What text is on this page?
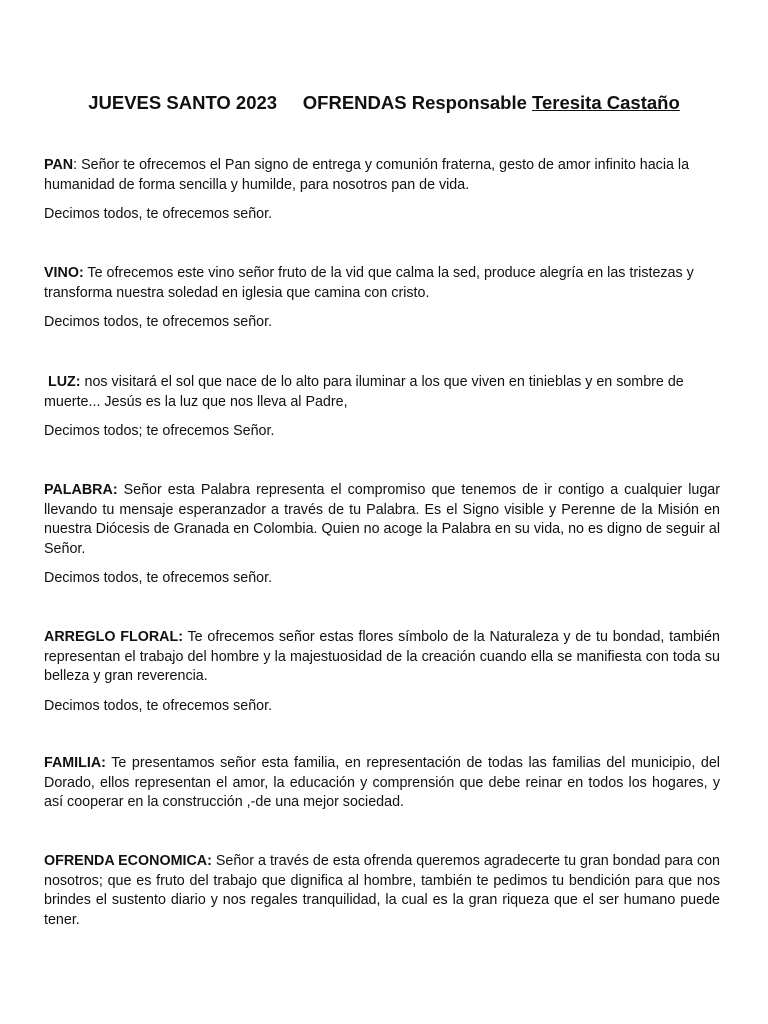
JUEVES SANTO 2023 OFRENDAS Responsable Teresita Castaño

PAN: Señor te ofrecemos el Pan signo de entrega y comunión fraterna, gesto de amor infinito hacia la humanidad de forma sencilla y humilde, para nosotros pan de vida.

Decimos todos, te ofrecemos señor.

VINO: Te ofrecemos este vino señor fruto de la vid que calma la sed, produce alegría en las tristezas y transforma nuestra soledad en iglesia que camina con cristo.

Decimos todos, te ofrecemos señor.

LUZ: nos visitará el sol que nace de lo alto para iluminar a los que viven en tinieblas y en sombre de muerte... Jesús es la luz que nos lleva al Padre,

Decimos todos; te ofrecemos Señor.

PALABRA: Señor esta Palabra representa el compromiso que tenemos de ir contigo a cualquier lugar llevando tu mensaje esperanzador a través de tu Palabra. Es el Signo visible y Perenne de la Misión en nuestra Diócesis de Granada en Colombia. Quien no acoge la Palabra en su vida, no es digno de seguir al Señor.

Decimos todos, te ofrecemos señor.

ARREGLO FLORAL: Te ofrecemos señor estas flores símbolo de la Naturaleza y de tu bondad, también representan el trabajo del hombre y la majestuosidad de la creación cuando ella se manifiesta con toda su belleza y gran reverencia.

Decimos todos, te ofrecemos señor.

FAMILIA: Te presentamos señor esta familia, en representación de todas las familias del municipio, del Dorado, ellos representan el amor, la educación y comprensión que debe reinar en todos los hogares, y así cooperar en la construcción ,-de una mejor sociedad.

OFRENDA ECONOMICA: Señor a través de esta ofrenda queremos agradecerte tu gran bondad para con nosotros; que es fruto del trabajo que dignifica al hombre, también te pedimos tu bendición para que nos brindes el sustento diario y nos regales tranquilidad, la cual es la gran riqueza que el ser humano puede tener.
